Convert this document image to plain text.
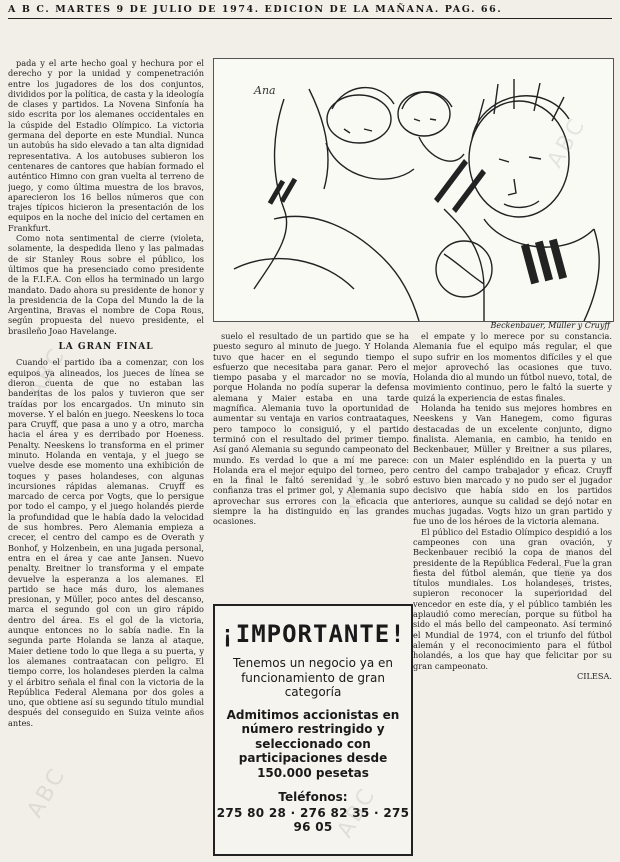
A B C. MARTES 9 DE JULIO DE 1974. EDICION DE LA MAÑANA. PAG. 66.

pada y el arte hecho goal y hechura por el derecho y por la unidad y compenetración entre los jugadores de los dos conjuntos, divididos por la política, de casta y la ideología de clases y partidos. La Novena Sinfonía ha sido escrita por los alemanes occidentales en la cúspide del Estadio Olímpico. La victoria germana del deporte en este Mundial. Nunca un autobús ha sido elevado a tan alta dignidad representativa. A los autobuses subieron los centenares de cantores que habían formado el auténtico Himno con gran vuelta al terreno de juego, y como última muestra de los bravos, aparecieron los 16 bellos números que con trajes típicos hicieron la presentación de los equipos en la noche del inicio del certamen en Frankfurt.

Como nota sentimental de cierre (violeta, solamente, la despedida lleno y las palmadas de sir Stanley Rous sobre el público, los últimos que ha presenciado como presidente de la F.I.F.A. Con ellos ha terminado un largo mandato. Dado ahora su presidente de honor y la presidencia de la Copa del Mundo la de la Argentina, Bravas el nombre de Copa Rous, según propuesta del nuevo presidente, el brasileño Joao Havelange.

LA GRAN FINAL

Cuando el partido iba a comenzar, con los equipos ya alineados, los jueces de línea se dieron cuenta de que no estaban las banderitas de los palos y tuvieron que ser traídas por los encargados. Un minuto sin moverse. Y el balón en juego. Neeskens lo toca para Cruyff, que pasa a uno y a otro, marcha hacia el área y es derribado por Hoeness. Penalty. Neeskens lo transforma en el primer minuto. Holanda en ventaja, y el juego se vuelve desde ese momento una exhibición de toques y pases holandeses, con algunas incursiones rápidas alemanas. Cruyff es marcado de cerca por Vogts, que lo persigue por todo el campo, y el juego holandés pierde la profundidad que le había dado la velocidad de sus hombres. Pero Alemania empieza a crecer, el centro del campo es de Overath y Bonhof, y Holzenbein, en una jugada personal, entra en el área y cae ante Jansen. Nuevo penalty. Breitner lo transforma y el empate devuelve la esperanza a los alemanes. El partido se hace más duro, los alemanes presionan, y Müller, poco antes del descanso, marca el segundo gol con un giro rápido dentro del área. Es el gol de la victoria, aunque entonces no lo sabía nadie. En la segunda parte Holanda se lanza al ataque, Maier detiene todo lo que llega a su puerta, y los alemanes contraatacan con peligro. El tiempo corre, los holandeses pierden la calma y el árbitro señala el final con la victoria de la República Federal Alemana por dos goles a uno, que obtiene así su segundo título mundial después del conseguido en Suiza veinte años antes.

Ana
Beckenbauer, Müller y Cruyff

suelo el resultado de un partido que se ha puesto seguro al minuto de juego. Y Holanda tuvo que hacer en el segundo tiempo el esfuerzo que necesitaba para ganar. Pero el tiempo pasaba y el marcador no se movía, porque Holanda no podía superar la defensa alemana y Maier estaba en una tarde magnífica. Alemania tuvo la oportunidad de aumentar su ventaja en varios contraataques, pero tampoco lo consiguió, y el partido terminó con el resultado del primer tiempo. Así ganó Alemania su segundo campeonato del mundo. Es verdad lo que a mí me parece: Holanda era el mejor equipo del torneo, pero en la final le faltó serenidad y le sobró confianza tras el primer gol, y Alemania supo aprovechar sus errores con la eficacia que siempre la ha distinguido en las grandes ocasiones.

¡IMPORTANTE!
Tenemos un negocio ya en funcionamiento de gran categoría
Admitimos accionistas en número restringido y seleccionado con participaciones desde 150.000 pesetas
Teléfonos:
275 80 28 · 276 82 35 · 275 96 05

el empate y lo merece por su constancia. Alemania fue el equipo más regular, el que supo sufrir en los momentos difíciles y el que mejor aprovechó las ocasiones que tuvo. Holanda dio al mundo un fútbol nuevo, total, de movimiento continuo, pero le faltó la suerte y quizá la experiencia de estas finales.

Holanda ha tenido sus mejores hombres en Neeskens y Van Hanegem, como figuras destacadas de un excelente conjunto, digno finalista. Alemania, en cambio, ha tenido en Beckenbauer, Müller y Breitner a sus pilares, con un Maier espléndido en la puerta y un centro del campo trabajador y eficaz. Cruyff estuvo bien marcado y no pudo ser el jugador decisivo que había sido en los partidos anteriores, aunque su calidad se dejó notar en muchas jugadas. Vogts hizo un gran partido y fue uno de los héroes de la victoria alemana.

El público del Estadio Olímpico despidió a los campeones con una gran ovación, y Beckenbauer recibió la copa de manos del presidente de la República Federal. Fue la gran fiesta del fútbol alemán, que tiene ya dos títulos mundiales. Los holandeses, tristes, supieron reconocer la superioridad del vencedor en este día, y el público también les aplaudió como merecían, porque su fútbol ha sido el más bello del campeonato. Así terminó el Mundial de 1974, con el triunfo del fútbol alemán y el reconocimiento para el fútbol holandés, a los que hay que felicitar por su gran campeonato.

CILESA.

ABC
ABC
ABC
ABC
ABC
ABC
